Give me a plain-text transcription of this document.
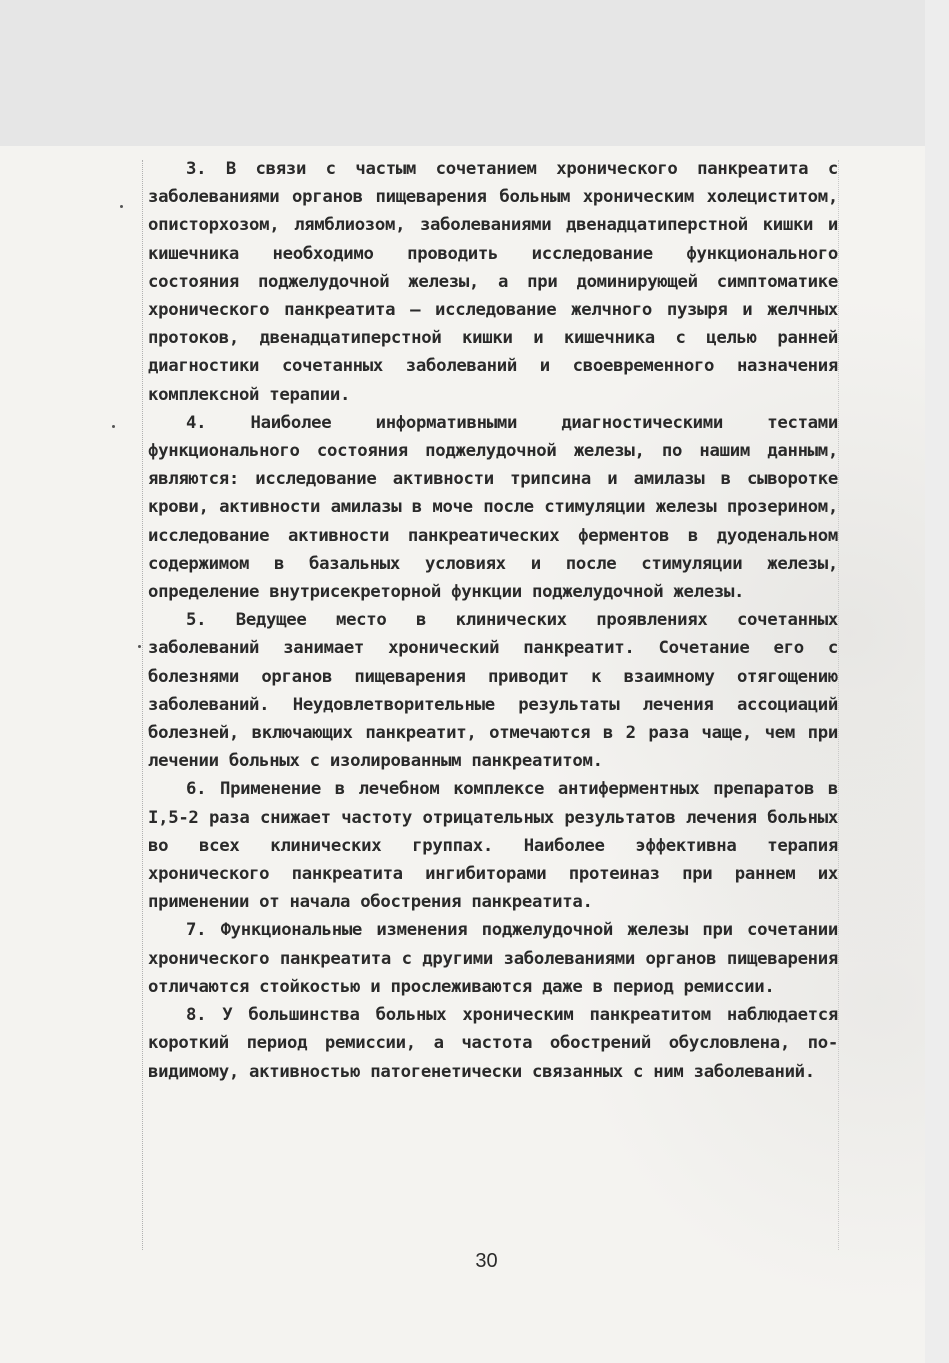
3. В связи с частым сочетанием хронического панкреатита с заболеваниями органов пищеварения больным хроническим холециститом, описторхозом, лямблиозом, заболеваниями двенадцатиперстной кишки и кишечника необходимо проводить исследование функционального состояния поджелудочной железы, а при доминирующей симптоматике хронического панкреатита – исследование желчного пузыря и желчных протоков, двенадцатиперстной кишки и кишечника с целью ранней диагностики сочетанных заболеваний и своевременного назначения комплексной терапии.

4. Наиболее информативными диагностическими тестами функционального состояния поджелудочной железы, по нашим данным, являются: исследование активности трипсина и амилазы в сыворотке крови, активности амилазы в моче после стимуляции железы прозерином, исследование активности панкреатических ферментов в дуоденальном содержимом в базальных условиях и после стимуляции железы, определение внутрисекреторной функции поджелудочной железы.

5. Ведущее место в клинических проявлениях сочетанных заболеваний занимает хронический панкреатит. Сочетание его с болезнями органов пищеварения приводит к взаимному отягощению заболеваний. Неудовлетворительные результаты лечения ассоциаций болезней, включающих панкреатит, отмечаются в 2 раза чаще, чем при лечении больных с изолированным панкреатитом.

6. Применение в лечебном комплексе антиферментных препаратов в I,5-2 раза снижает частоту отрицательных результатов лечения больных во всех клинических группах. Наиболее эффективна терапия хронического панкреатита ингибиторами протеиназ при раннем их применении от начала обострения панкреатита.

7. Функциональные изменения поджелудочной железы при сочетании хронического панкреатита с другими заболеваниями органов пищеварения отличаются стойкостью и прослеживаются даже в период ремиссии.

8. У большинства больных хроническим панкреатитом наблюдается короткий период ремиссии, а частота обострений обусловлена, по-видимому, активностью патогенетически связанных с ним заболеваний.

30
